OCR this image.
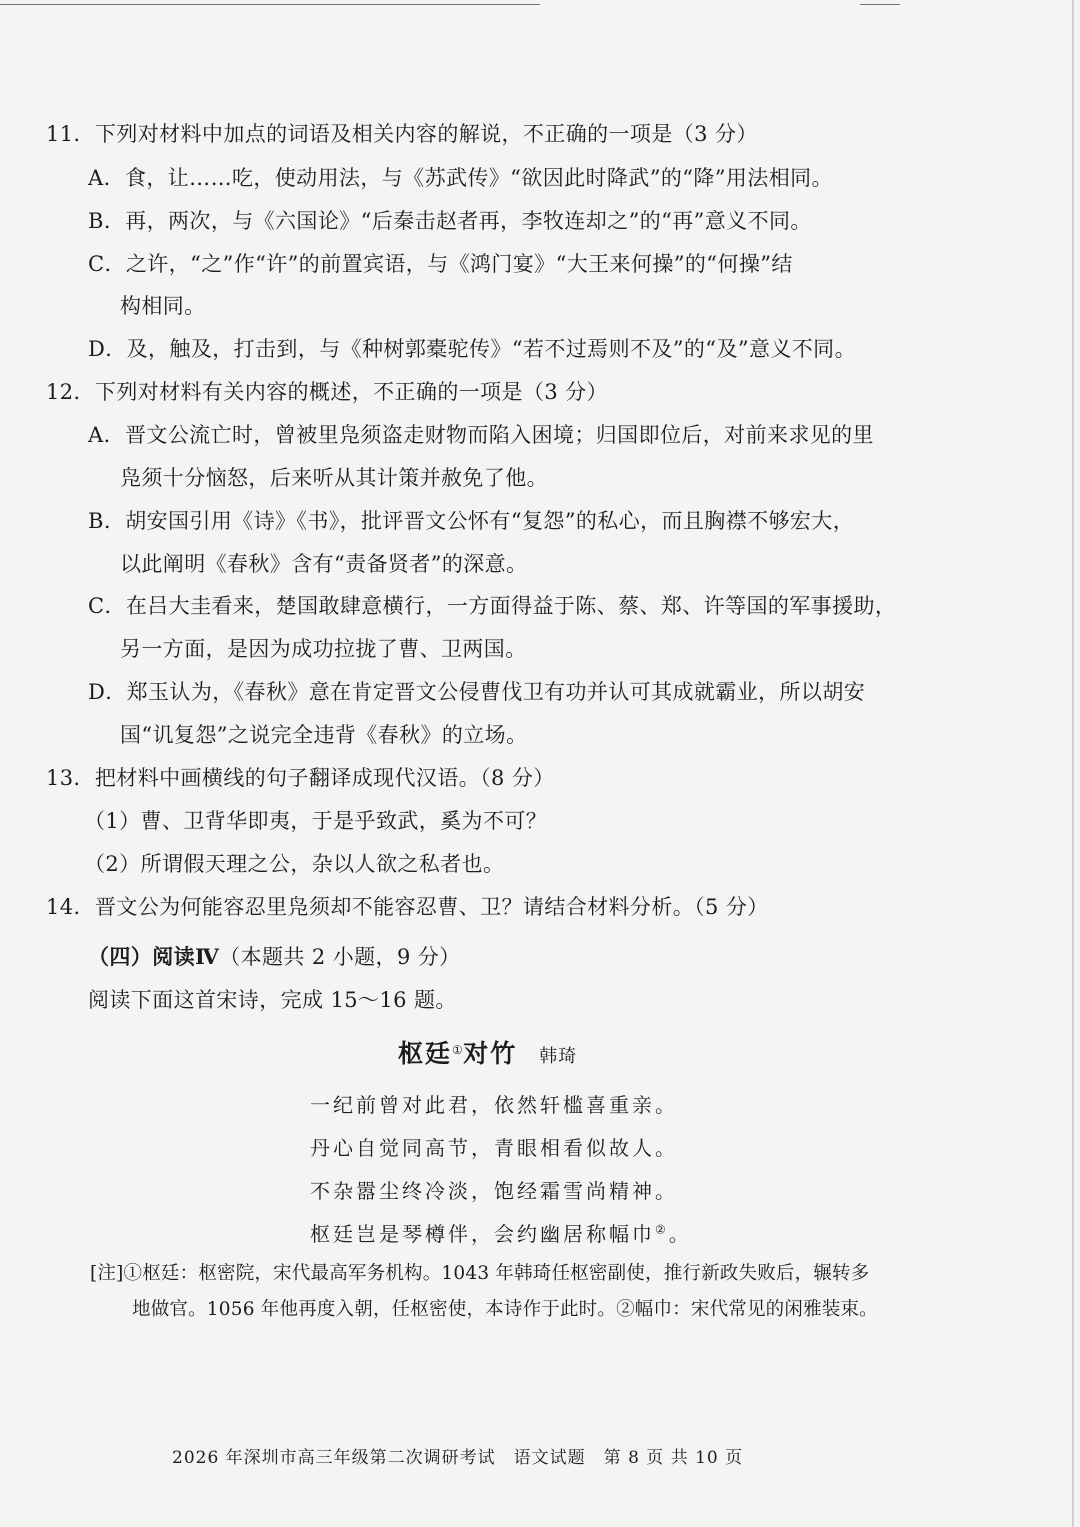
11．下列对材料中加点的词语及相关内容的解说，不正确的一项是（3 分）
A．食，让……吃，使动用法，与《苏武传》“欲因此时降武”的“降”用法相同。
B．再，两次，与《六国论》“后秦击赵者再，李牧连却之”的“再”意义不同。
C．之许，“之”作“许”的前置宾语，与《鸿门宴》“大王来何操”的“何操”结
构相同。
D．及，触及，打击到，与《种树郭橐驼传》“若不过焉则不及”的“及”意义不同。
12．下列对材料有关内容的概述，不正确的一项是（3 分）
A．晋文公流亡时，曾被里凫须盗走财物而陷入困境；归国即位后，对前来求见的里
凫须十分恼怒，后来听从其计策并赦免了他。
B．胡安国引用《诗》《书》，批评晋文公怀有“复怨”的私心，而且胸襟不够宏大，
以此阐明《春秋》含有“责备贤者”的深意。
C．在吕大圭看来，楚国敢肆意横行，一方面得益于陈、蔡、郑、许等国的军事援助，
另一方面，是因为成功拉拢了曹、卫两国。
D．郑玉认为，《春秋》意在肯定晋文公侵曹伐卫有功并认可其成就霸业，所以胡安
国“讥复怨”之说完全违背《春秋》的立场。
13．把材料中画横线的句子翻译成现代汉语。（8 分）
（1）曹、卫背华即夷，于是乎致武，奚为不可？
（2）所谓假天理之公，杂以人欲之私者也。
14．晋文公为何能容忍里凫须却不能容忍曹、卫？请结合材料分析。（5 分）
（四）阅读Ⅳ（本题共 2 小题，9 分）
阅读下面这首宋诗，完成 15～16 题。
枢廷①对竹 韩琦
一纪前曾对此君，依然轩槛喜重亲。
丹心自觉同高节，青眼相看似故人。
不杂嚣尘终冷淡，饱经霜雪尚精神。
枢廷岂是琴樽伴，会约幽居称幅巾②。
[注]①枢廷：枢密院，宋代最高军务机构。1043 年韩琦任枢密副使，推行新政失败后，辗转多
地做官。1056 年他再度入朝，任枢密使，本诗作于此时。②幅巾：宋代常见的闲雅装束。
2026 年深圳市高三年级第二次调研考试　语文试题　第 8 页 共 10 页
